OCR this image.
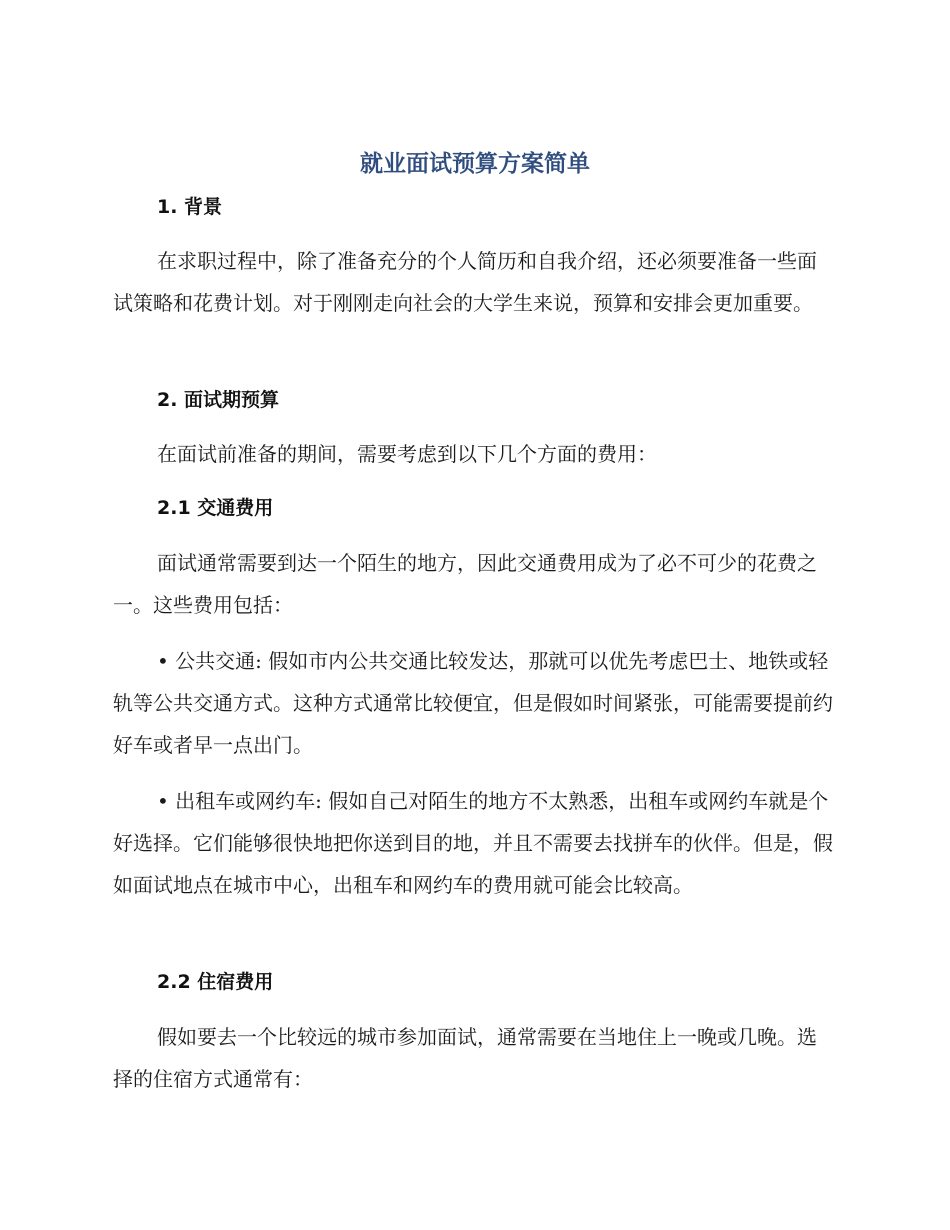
就业面试预算方案简单
1. 背景
在求职过程中，除了准备充分的个人简历和自我介绍，还必须要准备一些面试策略和花费计划。对于刚刚走向社会的大学生来说，预算和安排会更加重要。
2. 面试期预算
在面试前准备的期间，需要考虑到以下几个方面的费用：
2.1 交通费用
面试通常需要到达一个陌生的地方，因此交通费用成为了必不可少的花费之一。这些费用包括：
• 公共交通: 假如市内公共交通比较发达，那就可以优先考虑巴士、地铁或轻轨等公共交通方式。这种方式通常比较便宜，但是假如时间紧张，可能需要提前约好车或者早一点出门。
• 出租车或网约车: 假如自己对陌生的地方不太熟悉，出租车或网约车就是个好选择。它们能够很快地把你送到目的地，并且不需要去找拼车的伙伴。但是，假如面试地点在城市中心，出租车和网约车的费用就可能会比较高。
2.2 住宿费用
假如要去一个比较远的城市参加面试，通常需要在当地住上一晚或几晚。选择的住宿方式通常有：
